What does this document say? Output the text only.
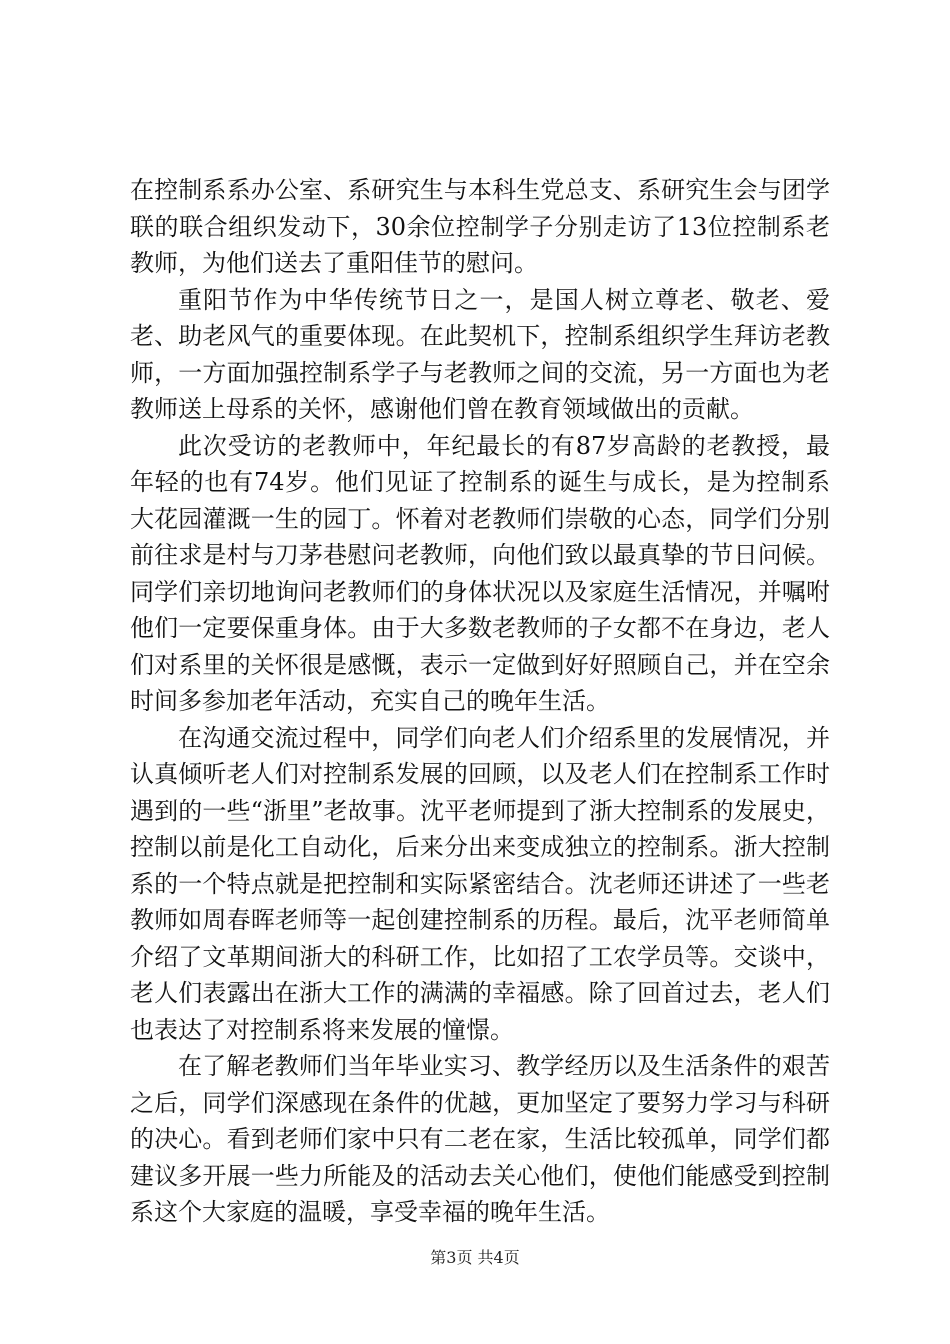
在控制系系办公室、系研究生与本科生党总支、系研究生会与团学联的联合组织发动下，30余位控制学子分别走访了13位控制系老教师，为他们送去了重阳佳节的慰问。

重阳节作为中华传统节日之一，是国人树立尊老、敬老、爱老、助老风气的重要体现。在此契机下，控制系组织学生拜访老教师，一方面加强控制系学子与老教师之间的交流，另一方面也为老教师送上母系的关怀，感谢他们曾在教育领域做出的贡献。

此次受访的老教师中，年纪最长的有87岁高龄的老教授，最年轻的也有74岁。他们见证了控制系的诞生与成长，是为控制系大花园灌溉一生的园丁。怀着对老教师们崇敬的心态，同学们分别前往求是村与刀茅巷慰问老教师，向他们致以最真挚的节日问候。同学们亲切地询问老教师们的身体状况以及家庭生活情况，并嘱咐他们一定要保重身体。由于大多数老教师的子女都不在身边，老人们对系里的关怀很是感慨，表示一定做到好好照顾自己，并在空余时间多参加老年活动，充实自己的晚年生活。

在沟通交流过程中，同学们向老人们介绍系里的发展情况，并认真倾听老人们对控制系发展的回顾，以及老人们在控制系工作时遇到的一些“浙里”老故事。沈平老师提到了浙大控制系的发展史，控制以前是化工自动化，后来分出来变成独立的控制系。浙大控制系的一个特点就是把控制和实际紧密结合。沈老师还讲述了一些老教师如周春晖老师等一起创建控制系的历程。最后，沈平老师简单介绍了文革期间浙大的科研工作，比如招了工农学员等。交谈中，老人们表露出在浙大工作的满满的幸福感。除了回首过去，老人们也表达了对控制系将来发展的憧憬。

在了解老教师们当年毕业实习、教学经历以及生活条件的艰苦之后，同学们深感现在条件的优越，更加坚定了要努力学习与科研的决心。看到老师们家中只有二老在家，生活比较孤单，同学们都建议多开展一些力所能及的活动去关心他们，使他们能感受到控制系这个大家庭的温暖，享受幸福的晚年生活。

第3页 共4页
